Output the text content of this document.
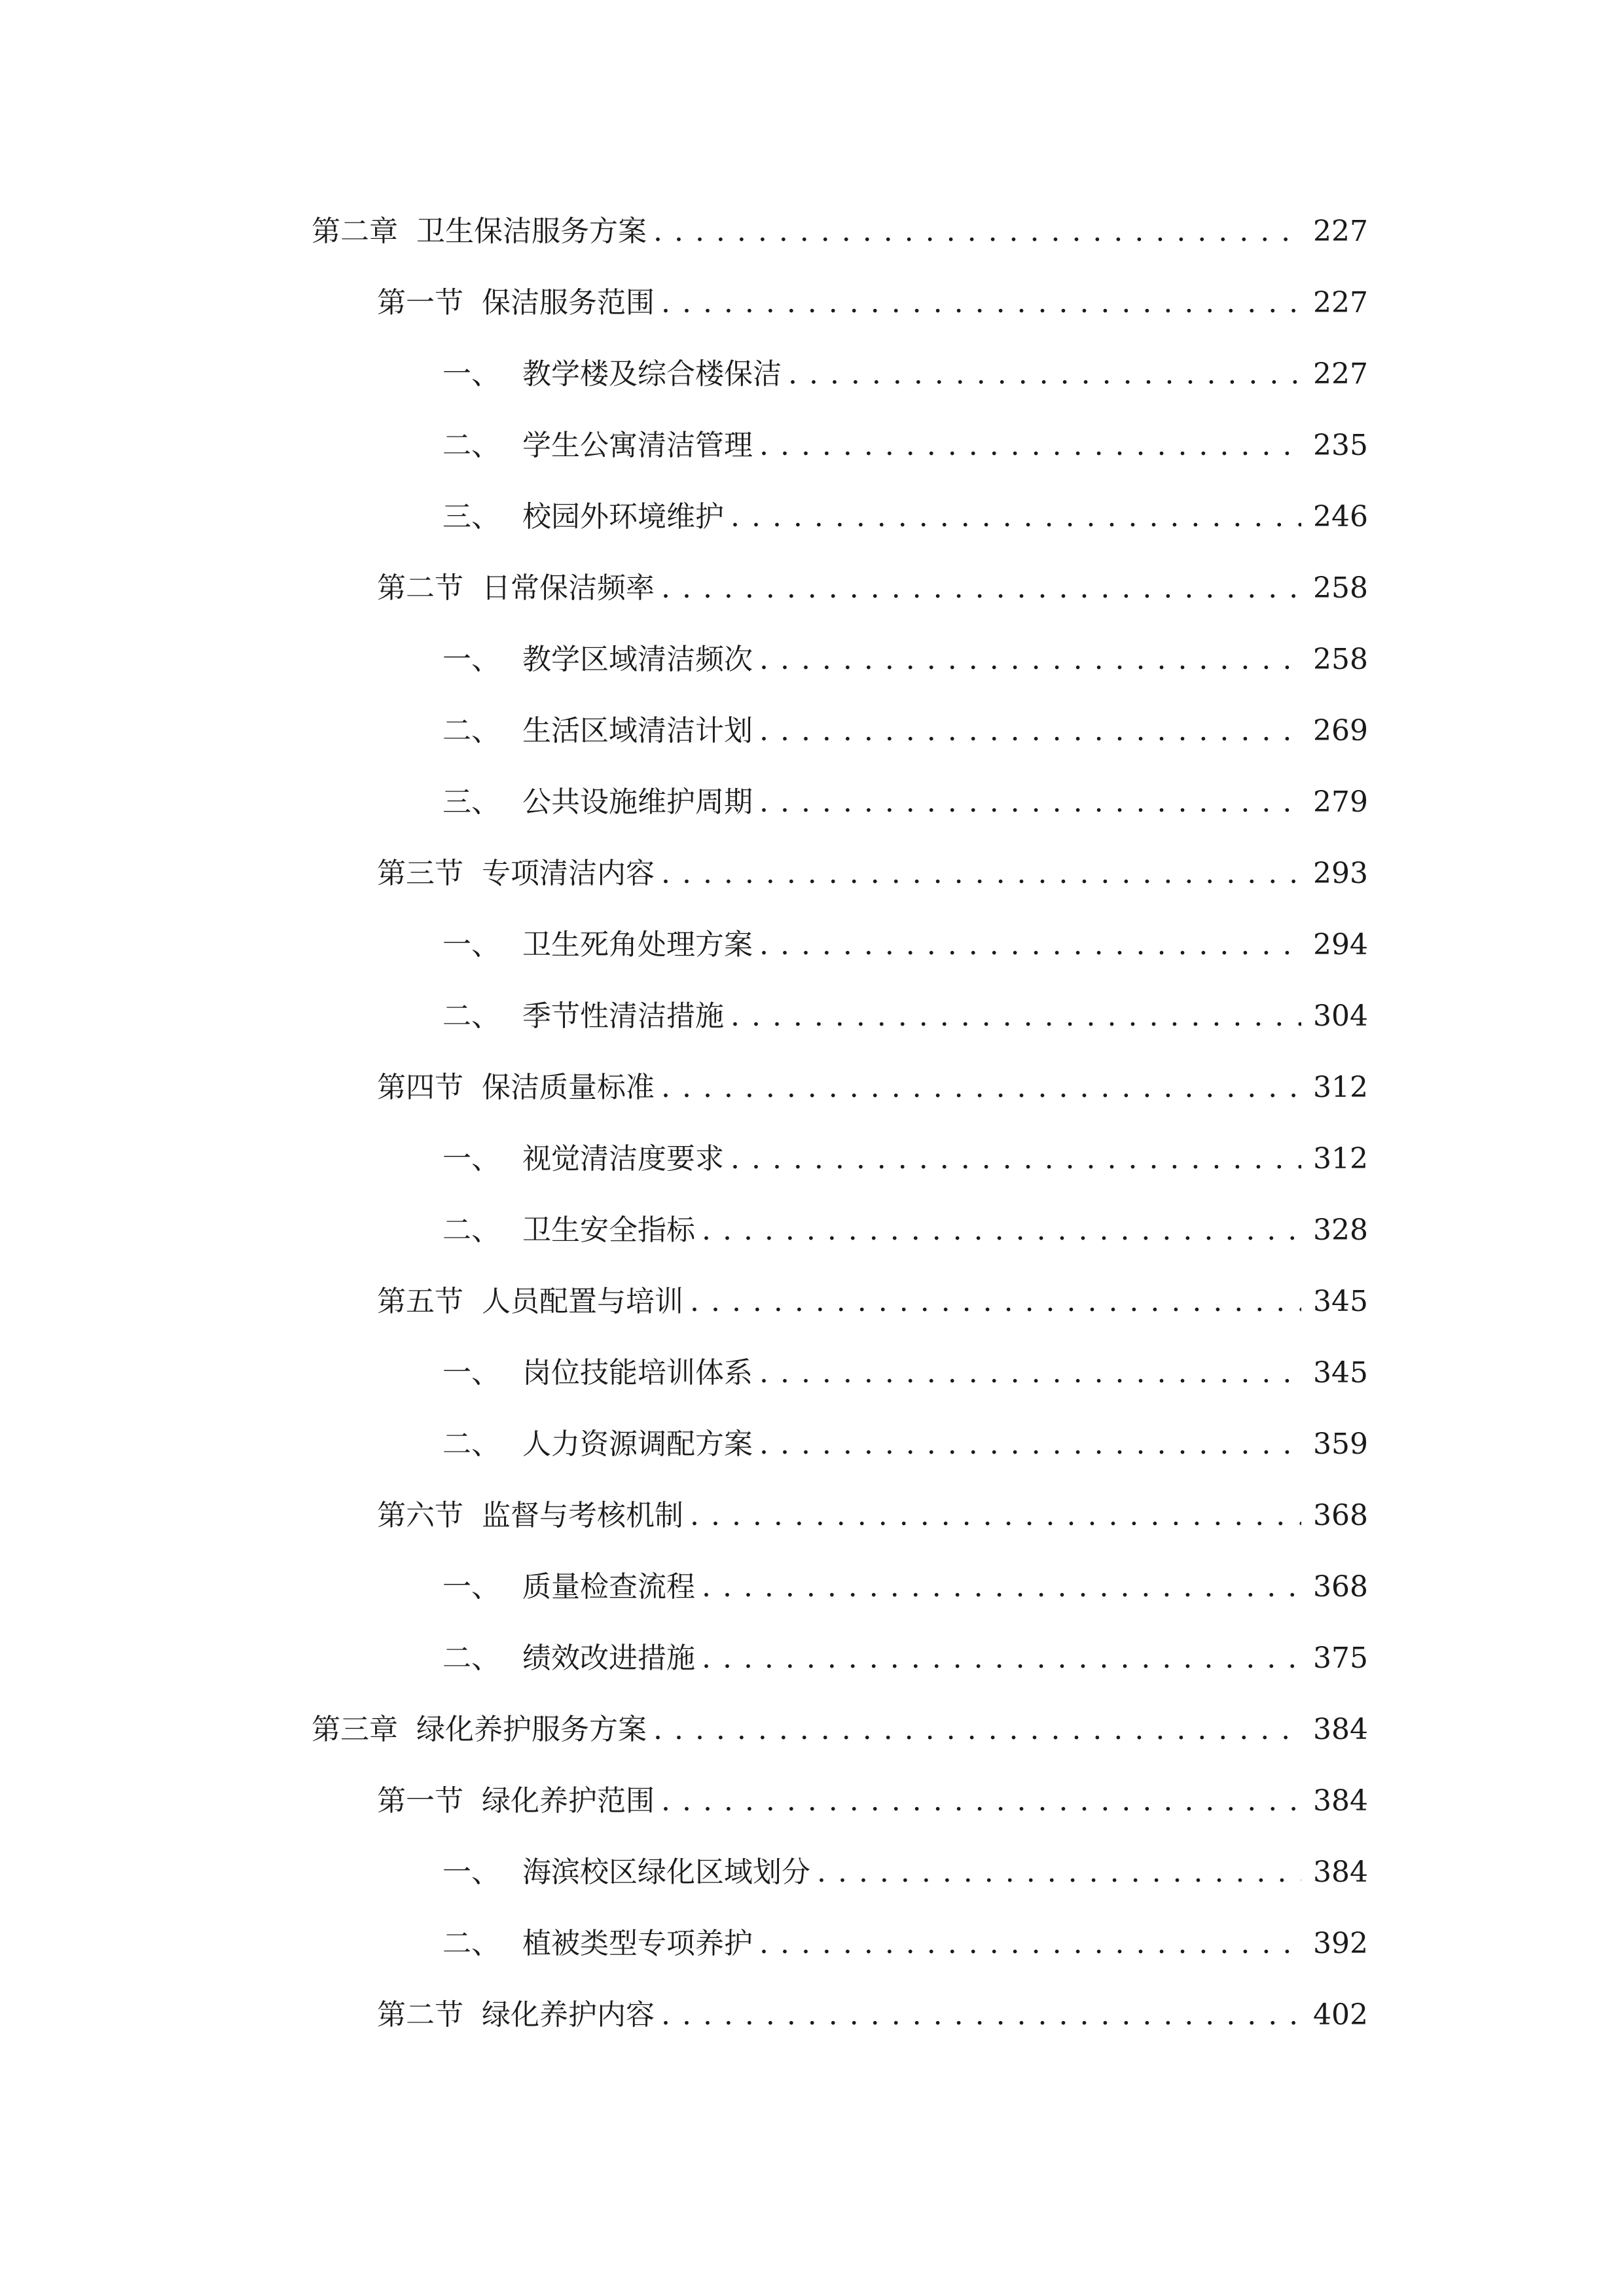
第二章 卫生保洁服务方案 . . .	227
第一节 保洁服务范围 . . .	227
一、 教学楼及综合楼保洁 . . .	227
二、 学生公寓清洁管理 . . .	235
三、 校园外环境维护 . . .	246
第二节 日常保洁频率 . . .	258
一、 教学区域清洁频次 . . .	258
二、 生活区域清洁计划 . . .	269
三、 公共设施维护周期 . . .	279
第三节 专项清洁内容 . . .	293
一、 卫生死角处理方案 . . .	294
二、 季节性清洁措施 . . .	304
第四节 保洁质量标准 . . .	312
一、 视觉清洁度要求 . . .	312
二、 卫生安全指标 . . .	328
第五节 人员配置与培训 . . .	345
一、 岗位技能培训体系 . . .	345
二、 人力资源调配方案 . . .	359
第六节 监督与考核机制 . . .	368
一、 质量检查流程 . . .	368
二、 绩效改进措施 . . .	375
第三章 绿化养护服务方案 . . .	384
第一节 绿化养护范围 . . .	384
一、 海滨校区绿化区域划分 . . .	384
二、 植被类型专项养护 . . .	392
第二节 绿化养护内容 . . .	402
